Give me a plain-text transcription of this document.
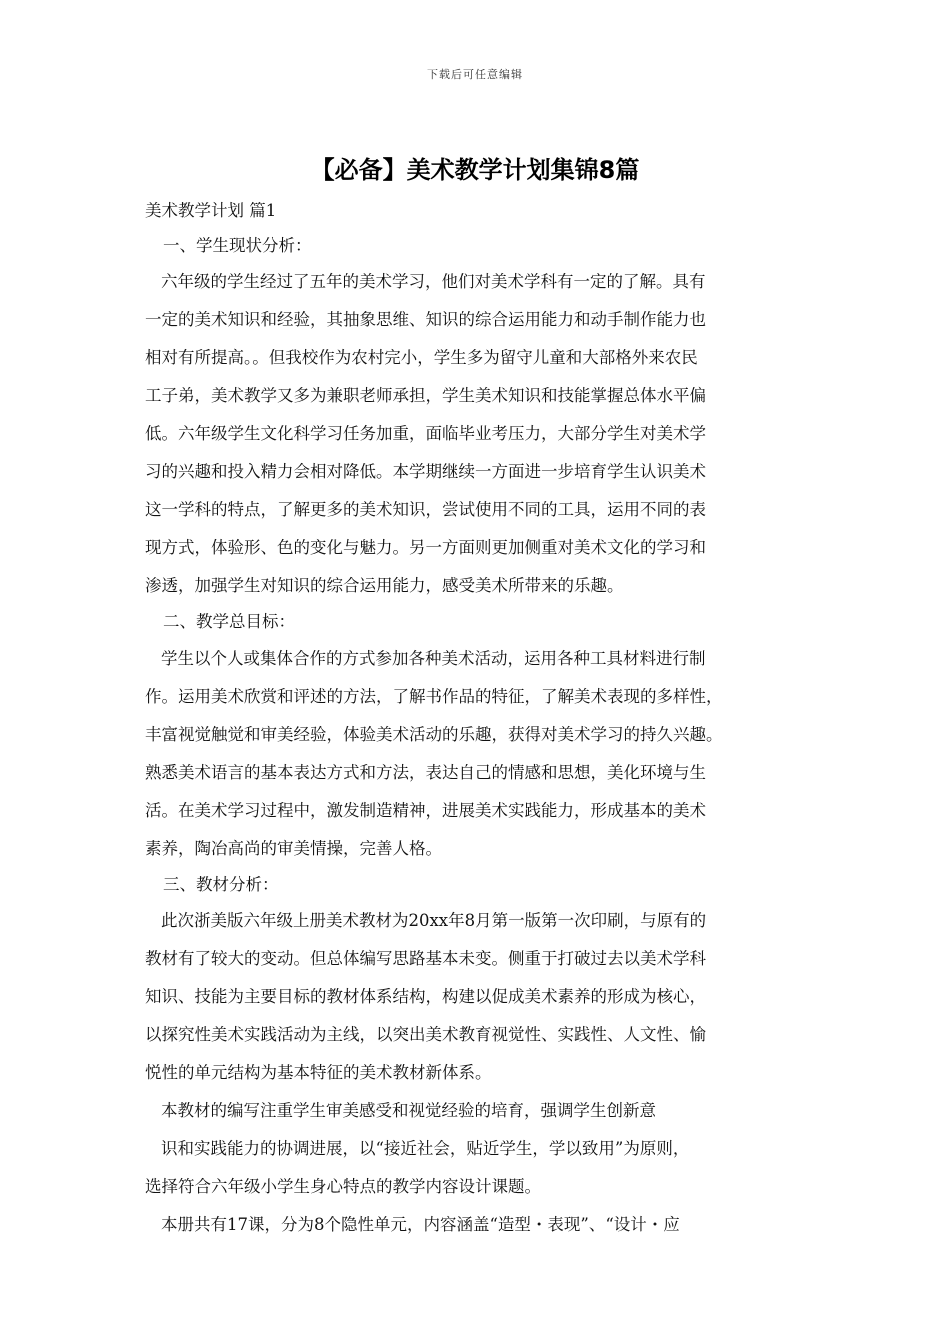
下载后可任意编辑
【必备】美术教学计划集锦8篇
美术教学计划 篇1
一、学生现状分析：
六年级的学生经过了五年的美术学习，他们对美术学科有一定的了解。具有
一定的美术知识和经验，其抽象思维、知识的综合运用能力和动手制作能力也
相对有所提高。。但我校作为农村完小，学生多为留守儿童和大部格外来农民
工子弟，美术教学又多为兼职老师承担，学生美术知识和技能掌握总体水平偏
低。六年级学生文化科学习任务加重，面临毕业考压力，大部分学生对美术学
习的兴趣和投入精力会相对降低。本学期继续一方面进一步培育学生认识美术
这一学科的特点，了解更多的美术知识，尝试使用不同的工具，运用不同的表
现方式，体验形、色的变化与魅力。另一方面则更加侧重对美术文化的学习和
渗透，加强学生对知识的综合运用能力，感受美术所带来的乐趣。
二、教学总目标：
学生以个人或集体合作的方式参加各种美术活动，运用各种工具材料进行制
作。运用美术欣赏和评述的方法，了解书作品的特征，了解美术表现的多样性，
丰富视觉触觉和审美经验，体验美术活动的乐趣，获得对美术学习的持久兴趣。
熟悉美术语言的基本表达方式和方法，表达自己的情感和思想，美化环境与生
活。在美术学习过程中，激发制造精神，进展美术实践能力，形成基本的美术
素养，陶冶高尚的审美情操，完善人格。
三、教材分析：
此次浙美版六年级上册美术教材为20xx年8月第一版第一次印刷，与原有的
教材有了较大的变动。但总体编写思路基本未变。侧重于打破过去以美术学科
知识、技能为主要目标的教材体系结构，构建以促成美术素养的形成为核心，
以探究性美术实践活动为主线，以突出美术教育视觉性、实践性、人文性、愉
悦性的单元结构为基本特征的美术教材新体系。
本教材的编写注重学生审美感受和视觉经验的培育，强调学生创新意
识和实践能力的协调进展，以“接近社会，贴近学生，学以致用”为原则，
选择符合六年级小学生身心特点的教学内容设计课题。
本册共有17课，分为8个隐性单元，内容涵盖“造型・表现”、“设计・应
